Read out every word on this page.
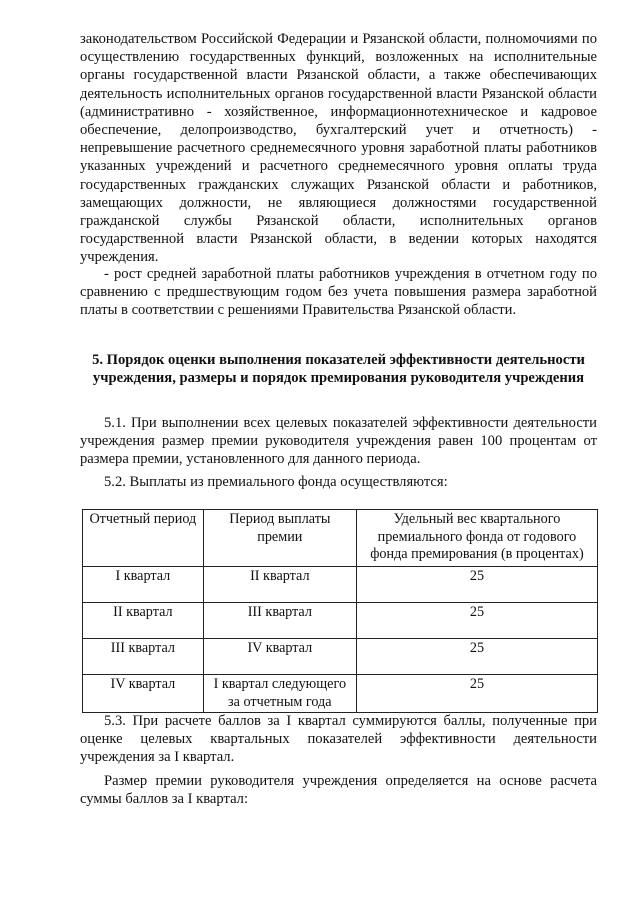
законодательством Российской Федерации и Рязанской области, полномочиями по осуществлению государственных функций, возложенных на исполнительные органы государственной власти Рязанской области, а также обеспечивающих деятельность исполнительных органов государственной власти Рязанской области (административно - хозяйственное, информационнотехническое и кадровое обеспечение, делопроизводство, бухгалтерский учет и отчетность) - непревышение расчетного среднемесячного уровня заработной платы работников указанных учреждений и расчетного среднемесячного уровня оплаты труда государственных гражданских служащих Рязанской области и работников, замещающих должности, не являющиеся должностями государственной гражданской службы Рязанской области, исполнительных органов государственной власти Рязанской области, в ведении которых находятся учреждения.

- рост средней заработной платы работников учреждения в отчетном году по сравнению с предшествующим годом без учета повышения размера заработной платы в соответствии с решениями Правительства Рязанской области.

5. Порядок оценки выполнения показателей эффективности деятельности учреждения, размеры и порядок премирования руководителя учреждения

5.1. При выполнении всех целевых показателей эффективности деятельности учреждения размер премии руководителя учреждения равен 100 процентам от размера премии, установленного для данного периода.

5.2. Выплаты из премиального фонда осуществляются:

Отчетный период	Период выплаты премии	Удельный вес квартального премиального фонда от годового фонда премирования (в процентах)
I квартал	II квартал	25
II квартал	III квартал	25
III квартал	IV квартал	25
IV квартал	I квартал следующего за отчетным года	25

5.3. При расчете баллов за I квартал суммируются баллы, полученные при оценке целевых квартальных показателей эффективности деятельности учреждения за I квартал.

Размер премии руководителя учреждения определяется на основе расчета суммы баллов за I квартал:
